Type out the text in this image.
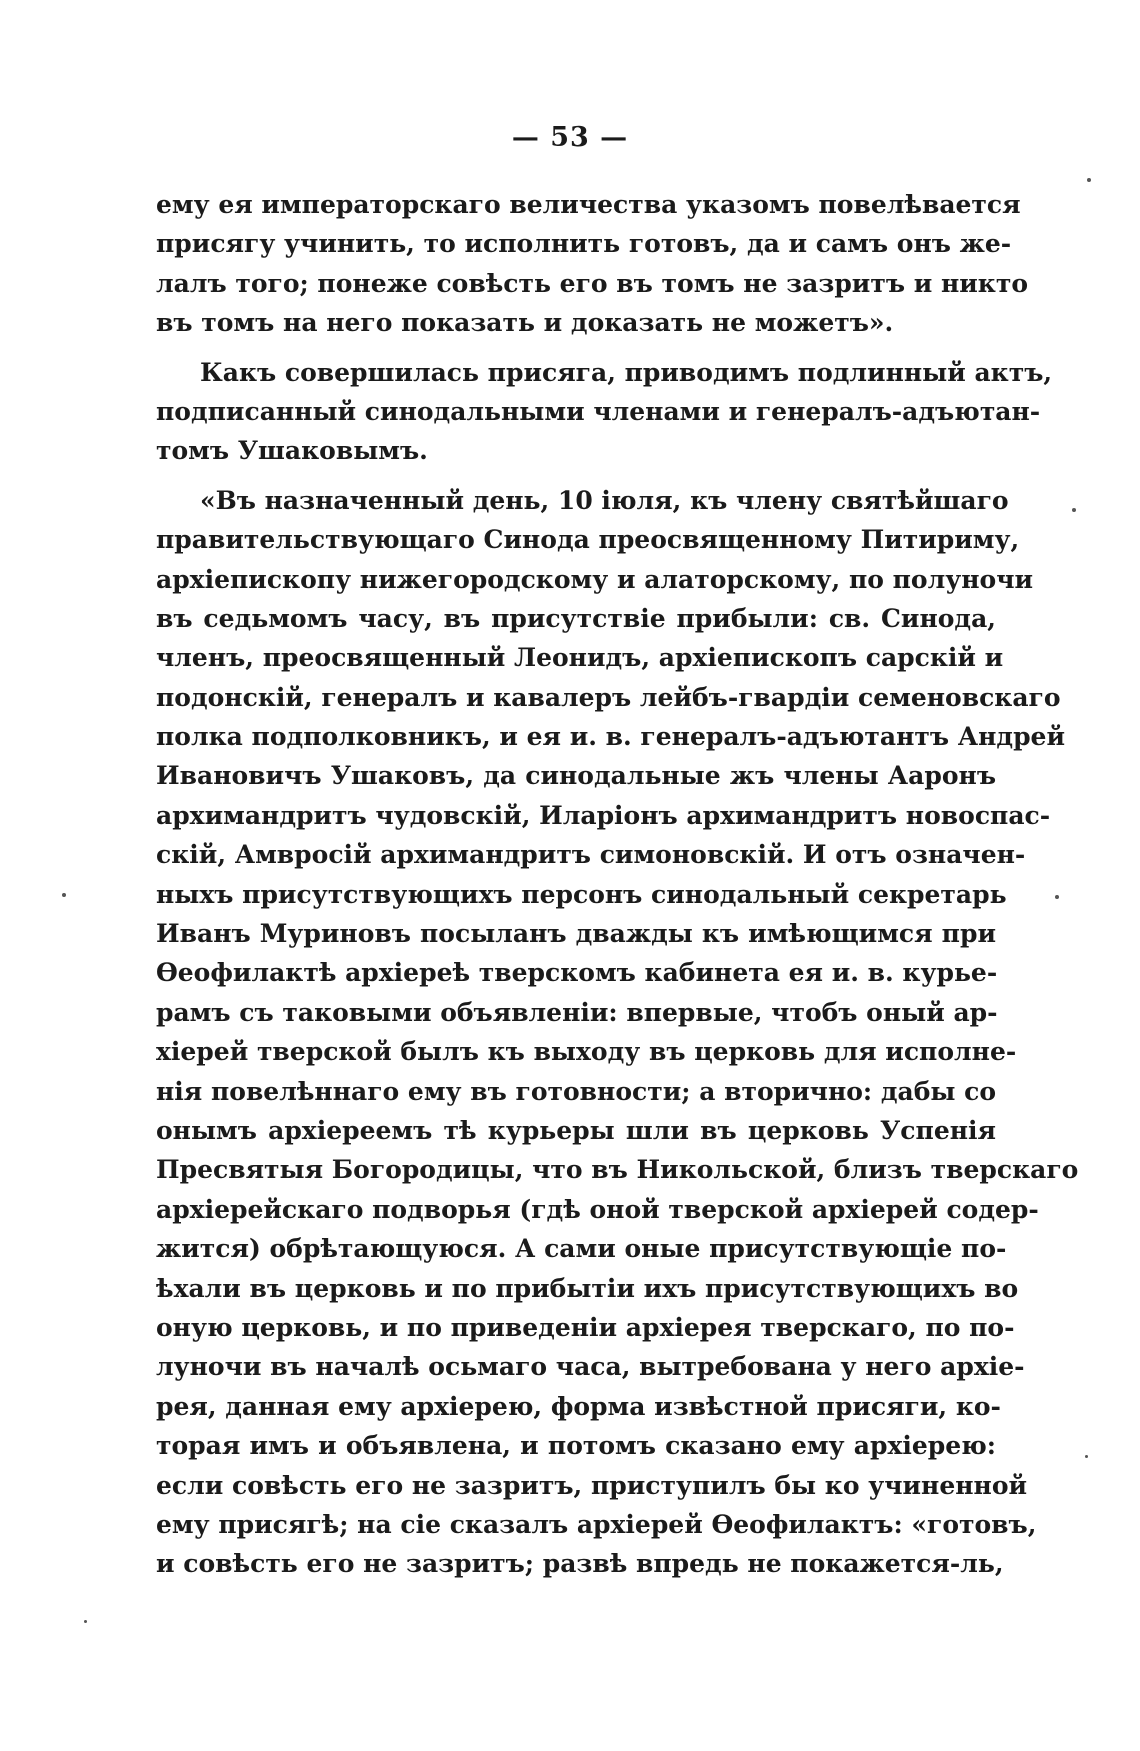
— 53 —
ему ея императорскаго величества указомъ повелѣвается
присягу учинить, то исполнить готовъ, да и самъ онъ же-
лалъ того; понеже совѣсть его въ томъ не зазритъ и никто
въ томъ на него показать и доказать не можетъ».
Какъ совершилась присяга, приводимъ подлинный актъ,
подписанный синодальными членами и генералъ-адъютан-
томъ Ушаковымъ.
«Въ назначенный день, 10 іюля, къ члену святѣйшаго
правительствующаго Синода преосвященному Питириму,
архіепископу нижегородскому и алаторскому, по полуночи
въ седьмомъ часу, въ присутствіе прибыли: св. Синода,
членъ, преосвященный Леонидъ, архіепископъ сарскій и
подонскій, генералъ и кавалеръ лейбъ-гвардіи семеновскаго
полка подполковникъ, и ея и. в. генералъ-адъютантъ Андрей
Ивановичъ Ушаковъ, да синодальные жъ члены Ааронъ
архимандритъ чудовскій, Иларіонъ архимандритъ новоспас-
скій, Амвросій архимандритъ симоновскій. И отъ означен-
ныхъ присутствующихъ персонъ синодальный секретарь
Иванъ Муриновъ посыланъ дважды къ имѣющимся при
Ѳеофилактѣ архіереѣ тверскомъ кабинета ея и. в. курье-
рамъ съ таковыми объявленіи: впервые, чтобъ оный ар-
хіерей тверской былъ къ выходу въ церковь для исполне-
нія повелѣннаго ему въ готовности; а вторично: дабы со
онымъ архіереемъ тѣ курьеры шли въ церковь Успенія
Пресвятыя Богородицы, что въ Никольской, близъ тверскаго
архіерейскаго подворья (гдѣ оной тверской архіерей содер-
жится) обрѣтающуюся. А сами оные присутствующіе по-
ѣхали въ церковь и по прибытіи ихъ присутствующихъ во
оную церковь, и по приведеніи архіерея тверскаго, по по-
луночи въ началѣ осьмаго часа, вытребована у него архіе-
рея, данная ему архіерею, форма извѣстной присяги, ко-
торая имъ и объявлена, и потомъ сказано ему архіерею:
если совѣсть его не зазритъ, приступилъ бы ко учиненной
ему присягѣ; на сіе сказалъ архіерей Ѳеофилактъ: «готовъ,
и совѣсть его не зазритъ; развѣ впредь не покажется-ль,
